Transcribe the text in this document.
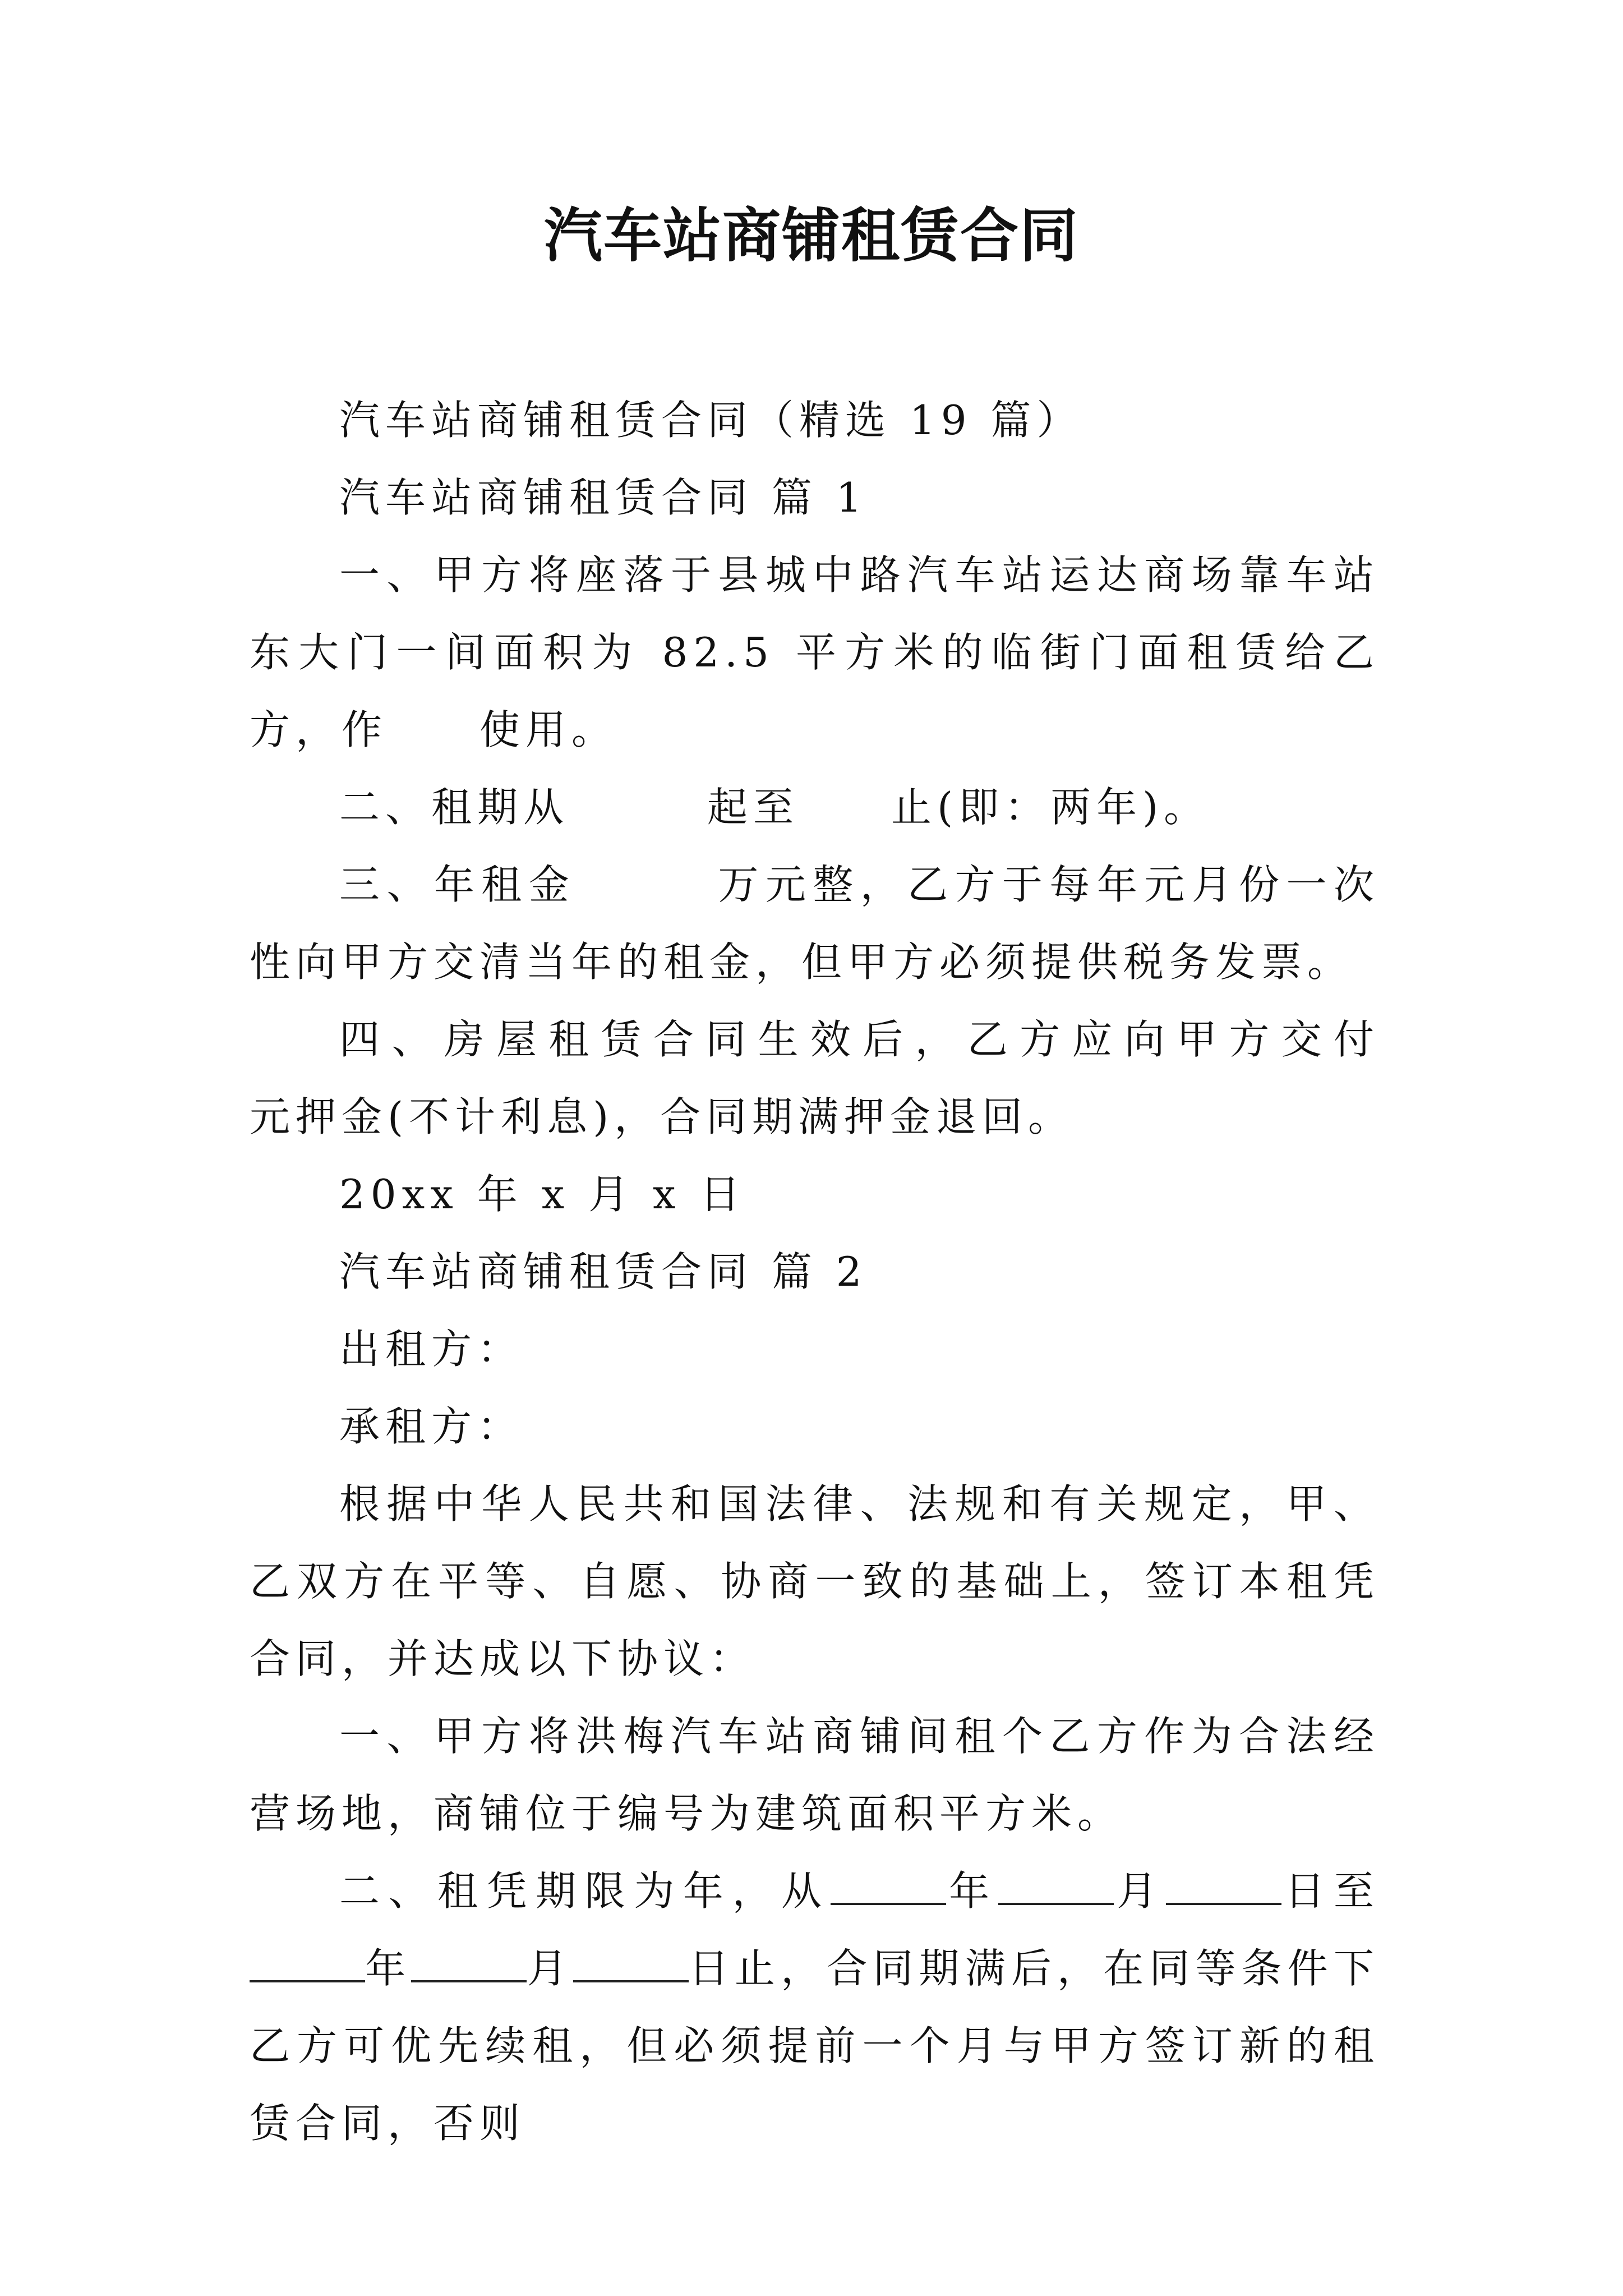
汽车站商铺租赁合同

汽车站商铺租赁合同（精选 19 篇）

汽车站商铺租赁合同 篇 1

一、甲方将座落于县城中路汽车站运达商场靠车站东大门一间面积为 82.5 平方米的临街门面租赁给乙方，作　　使用。

二、租期从　　　起至　　止(即：两年)。

三、年租金　　　万元整，乙方于每年元月份一次性向甲方交清当年的租金，但甲方必须提供税务发票。

四、房屋租赁合同生效后，乙方应向甲方交付　　元押金(不计利息)，合同期满押金退回。

20xx 年 x 月 x 日

汽车站商铺租赁合同 篇 2

出租方：

承租方：

根据中华人民共和国法律、法规和有关规定，甲、乙双方在平等、自愿、协商一致的基础上，签订本租凭合同，并达成以下协议：

一、甲方将洪梅汽车站商铺间租个乙方作为合法经营场地，商铺位于编号为建筑面积平方米。

二、租凭期限为年，从	年	月	日至年	月	日止，合同期满后，在同等条件下乙方可优先续租，但必须提前一个月与甲方签订新的租赁合同，否则
